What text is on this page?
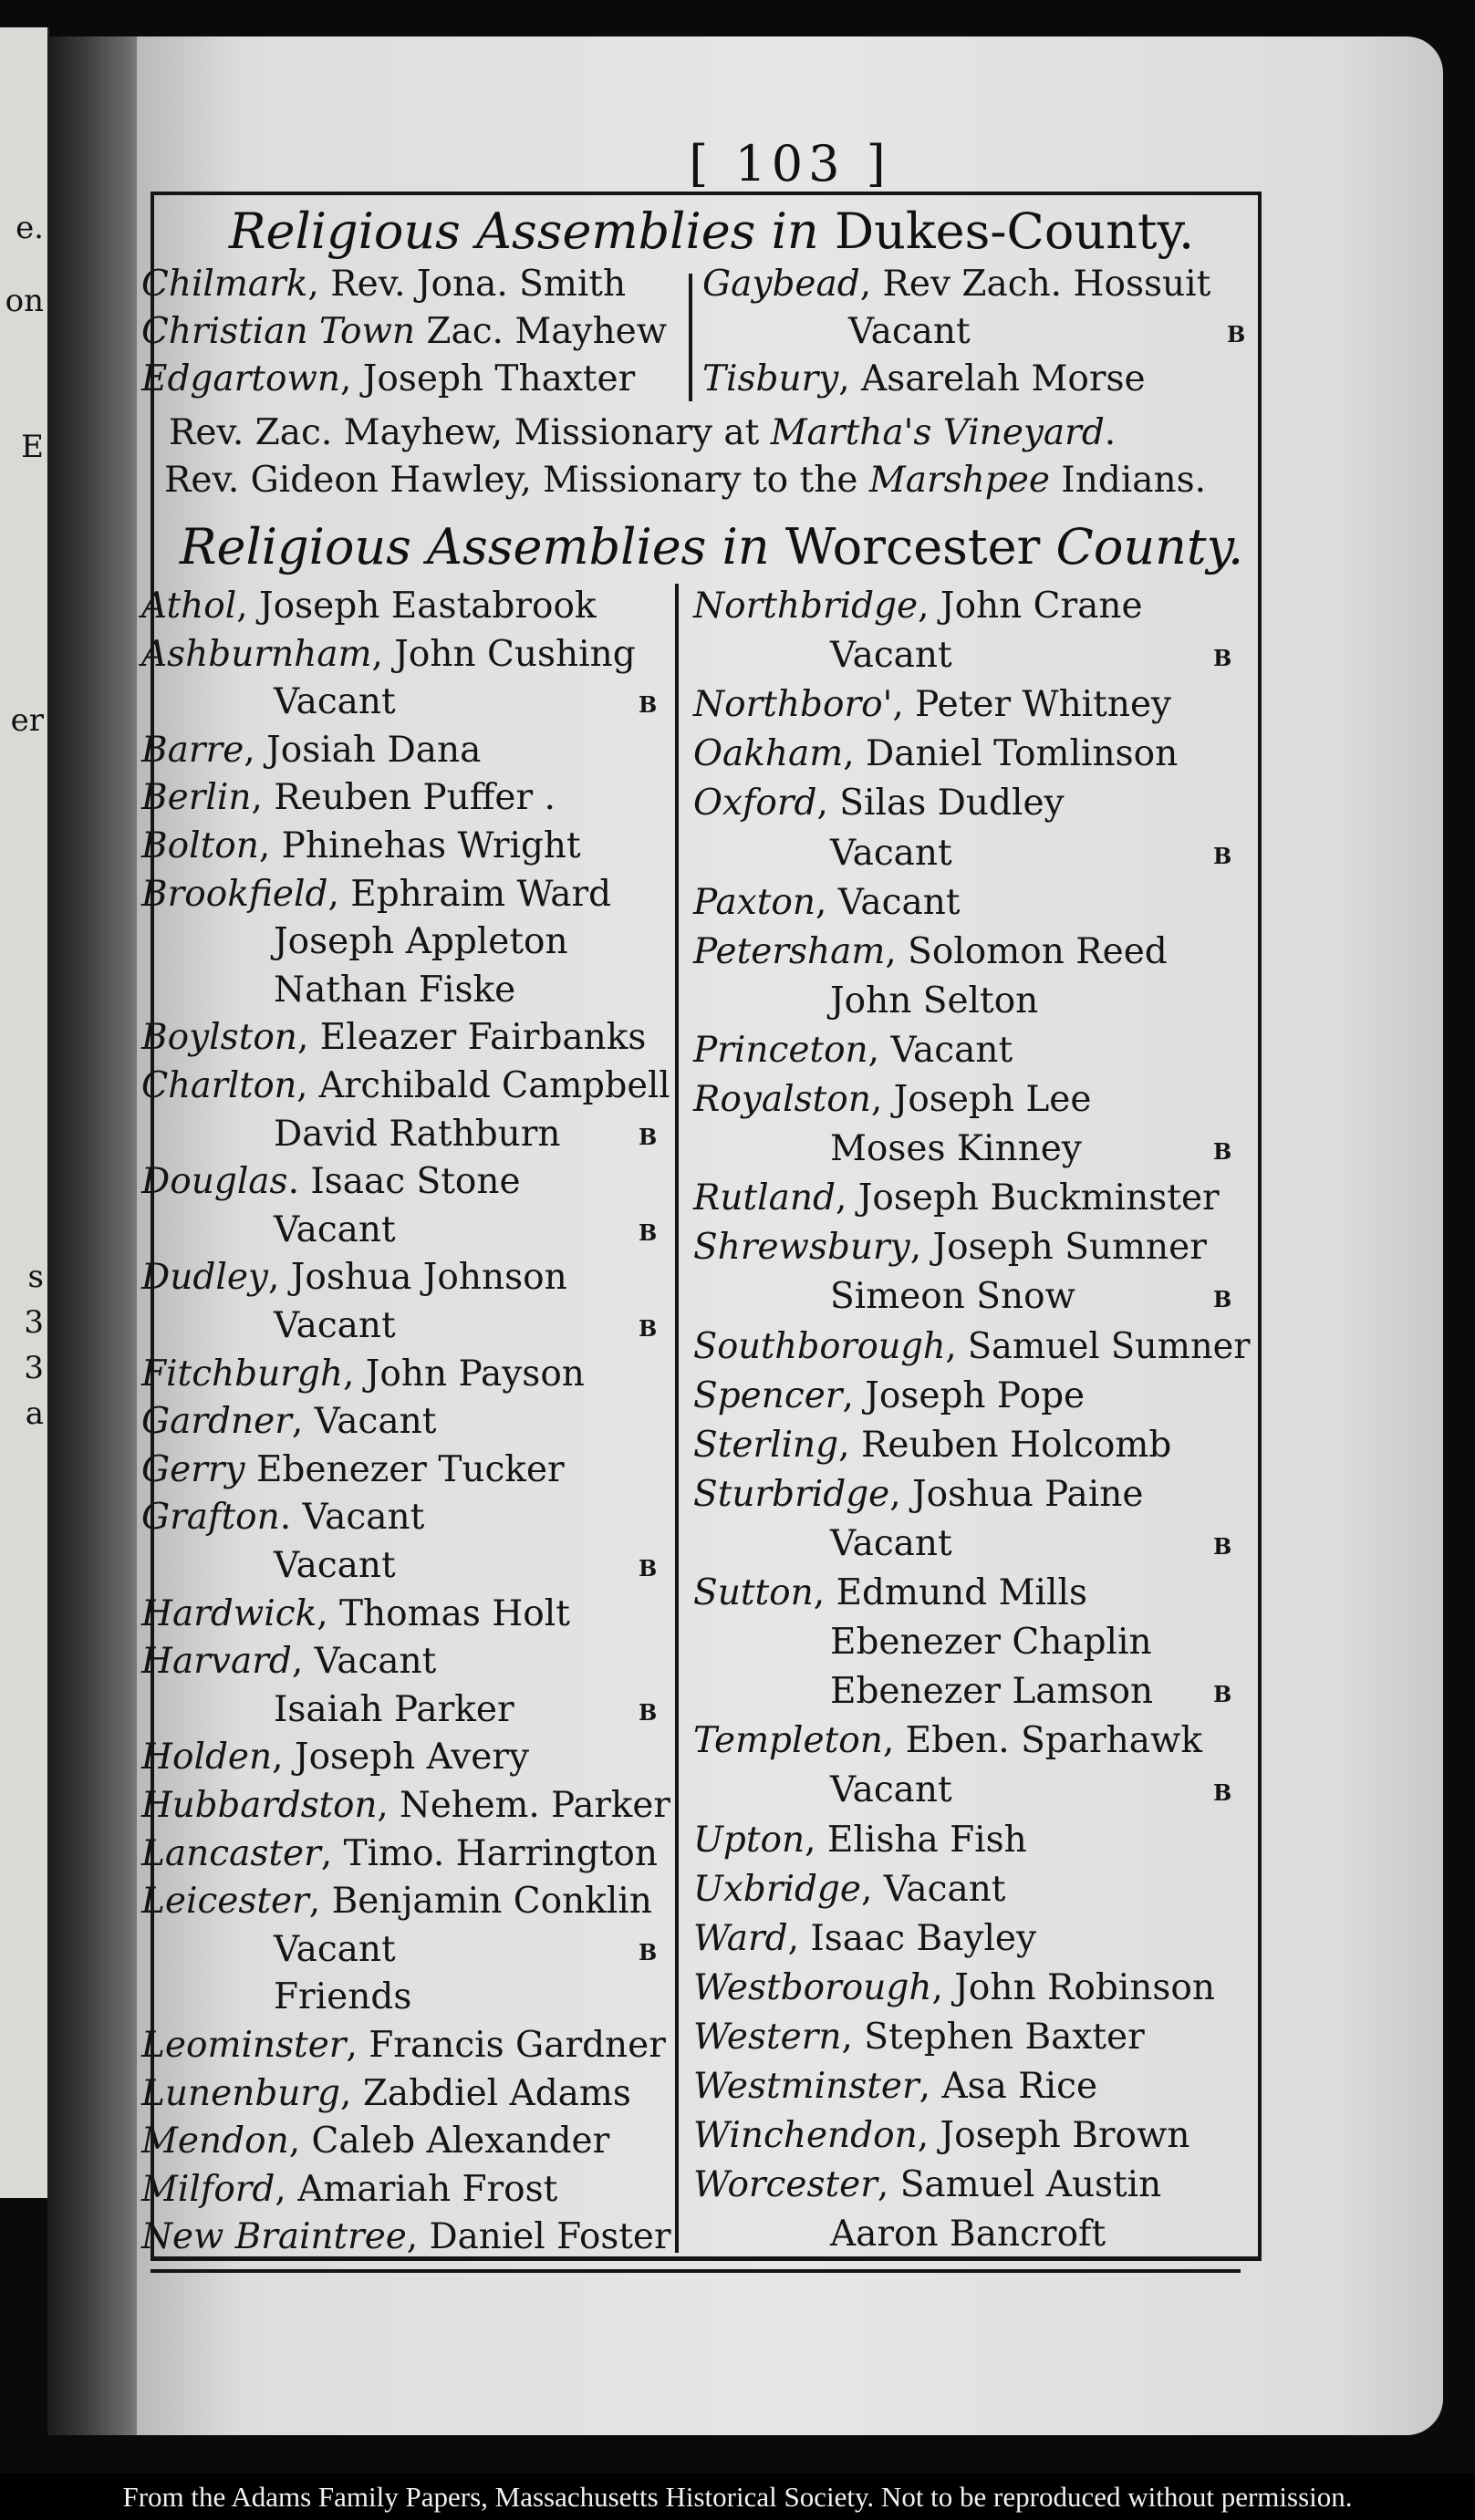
e.
on
E
er
s
3
3
a
[ 103 ]
Religious Assemblies in Dukes-County.
Chilmark, Rev. Jona. Smith
Christian Town Zac. Mayhew
Edgartown, Joseph Thaxter
Gaybead, Rev Zach. Hossuit
Vacant	B
Tisbury, Asarelah Morse
Rev. Zac. Mayhew, Missionary at Martha's Vineyard.
Rev. Gideon Hawley, Missionary to the Marshpee Indians.
Religious Assemblies in Worcester County.
Athol, Joseph Eastabrook
Ashburnham, John Cushing
Vacant	B
Barre, Josiah Dana
Berlin, Reuben Puffer .
Bolton, Phinehas Wright
Brookfield, Ephraim Ward
Joseph Appleton
Nathan Fiske
Boylston, Eleazer Fairbanks
Charlton, Archibald Campbell
David Rathburn	B
Douglas. Isaac Stone
Vacant	B
Dudley, Joshua Johnson
Vacant	B
Fitchburgh, John Payson
Gardner, Vacant
Gerry Ebenezer Tucker
Grafton. Vacant
Vacant	B
Hardwick, Thomas Holt
Harvard, Vacant
Isaiah Parker	B
Holden, Joseph Avery
Hubbardston, Nehem. Parker
Lancaster, Timo. Harrington
Leicester, Benjamin Conklin
Vacant	B
Friends
Leominster, Francis Gardner
Lunenburg, Zabdiel Adams
Mendon, Caleb Alexander
Milford, Amariah Frost
New Braintree, Daniel Foster
Northbridge, John Crane
Vacant	B
Northboro', Peter Whitney
Oakham, Daniel Tomlinson
Oxford, Silas Dudley
Vacant	B
Paxton, Vacant
Petersham, Solomon Reed
John Selton
Princeton, Vacant
Royalston, Joseph Lee
Moses Kinney	B
Rutland, Joseph Buckminster
Shrewsbury, Joseph Sumner
Simeon Snow	B
Southborough, Samuel Sumner
Spencer, Joseph Pope
Sterling, Reuben Holcomb
Sturbridge, Joshua Paine
Vacant	B
Sutton, Edmund Mills
Ebenezer Chaplin
Ebenezer Lamson	B
Templeton, Eben. Sparhawk
Vacant	B
Upton, Elisha Fish
Uxbridge, Vacant
Ward, Isaac Bayley
Westborough, John Robinson
Western, Stephen Baxter
Westminster, Asa Rice
Winchendon, Joseph Brown
Worcester, Samuel Austin
Aaron Bancroft
From the Adams Family Papers, Massachusetts Historical Society. Not to be reproduced without permission.
